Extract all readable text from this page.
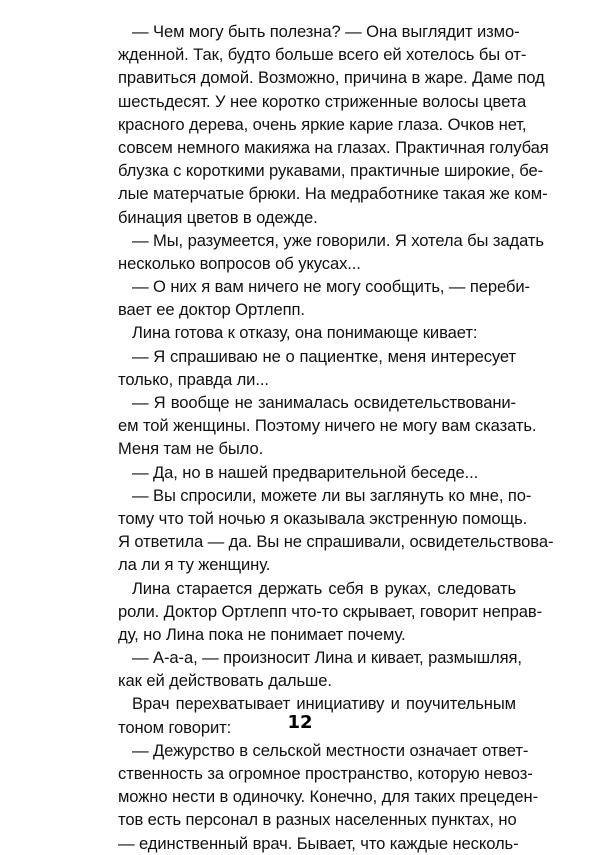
— Чем могу быть полезна? — Она выглядит измо-
жденной. Так, будто больше всего ей хотелось бы от-
правиться домой. Возможно, причина в жаре. Даме под
шестьдесят. У нее коротко стриженные волосы цвета
красного дерева, очень яркие карие глаза. Очков нет,
совсем немного макияжа на глазах. Практичная голубая
блузка с короткими рукавами, практичные широкие, бе-
лые матерчатые брюки. На медработнике такая же ком-
бинация цветов в одежде.
— Мы, разумеется, уже говорили. Я хотела бы задать
несколько вопросов об укусах...
— О них я вам ничего не могу сообщить, — переби-
вает ее доктор Ортлепп.
Лина готова к отказу, она понимающе кивает:
— Я спрашиваю не о пациентке, меня интересует
только, правда ли...
— Я вообще не занималась освидетельствовани-
ем той женщины. Поэтому ничего не могу вам сказать.
Меня там не было.
— Да, но в нашей предварительной беседе...
— Вы спросили, можете ли вы заглянуть ко мне, по-
тому что той ночью я оказывала экстренную помощь.
Я ответила — да. Вы не спрашивали, освидетельствова-
ла ли я ту женщину.
Лина старается держать себя в руках, следовать
роли. Доктор Ортлепп что-то скрывает, говорит неправ-
ду, но Лина пока не понимает почему.
— А-а-а, — произносит Лина и кивает, размышляя,
как ей действовать дальше.
Врач перехватывает инициативу и поучительным
тоном говорит:
— Дежурство в сельской местности означает ответ-
ственность за огромное пространство, которую невоз-
можно нести в одиночку. Конечно, для таких прецеден-
тов есть персонал в разных населенных пунктах, но
— единственный врач. Бывает, что каждые несколь-
12
